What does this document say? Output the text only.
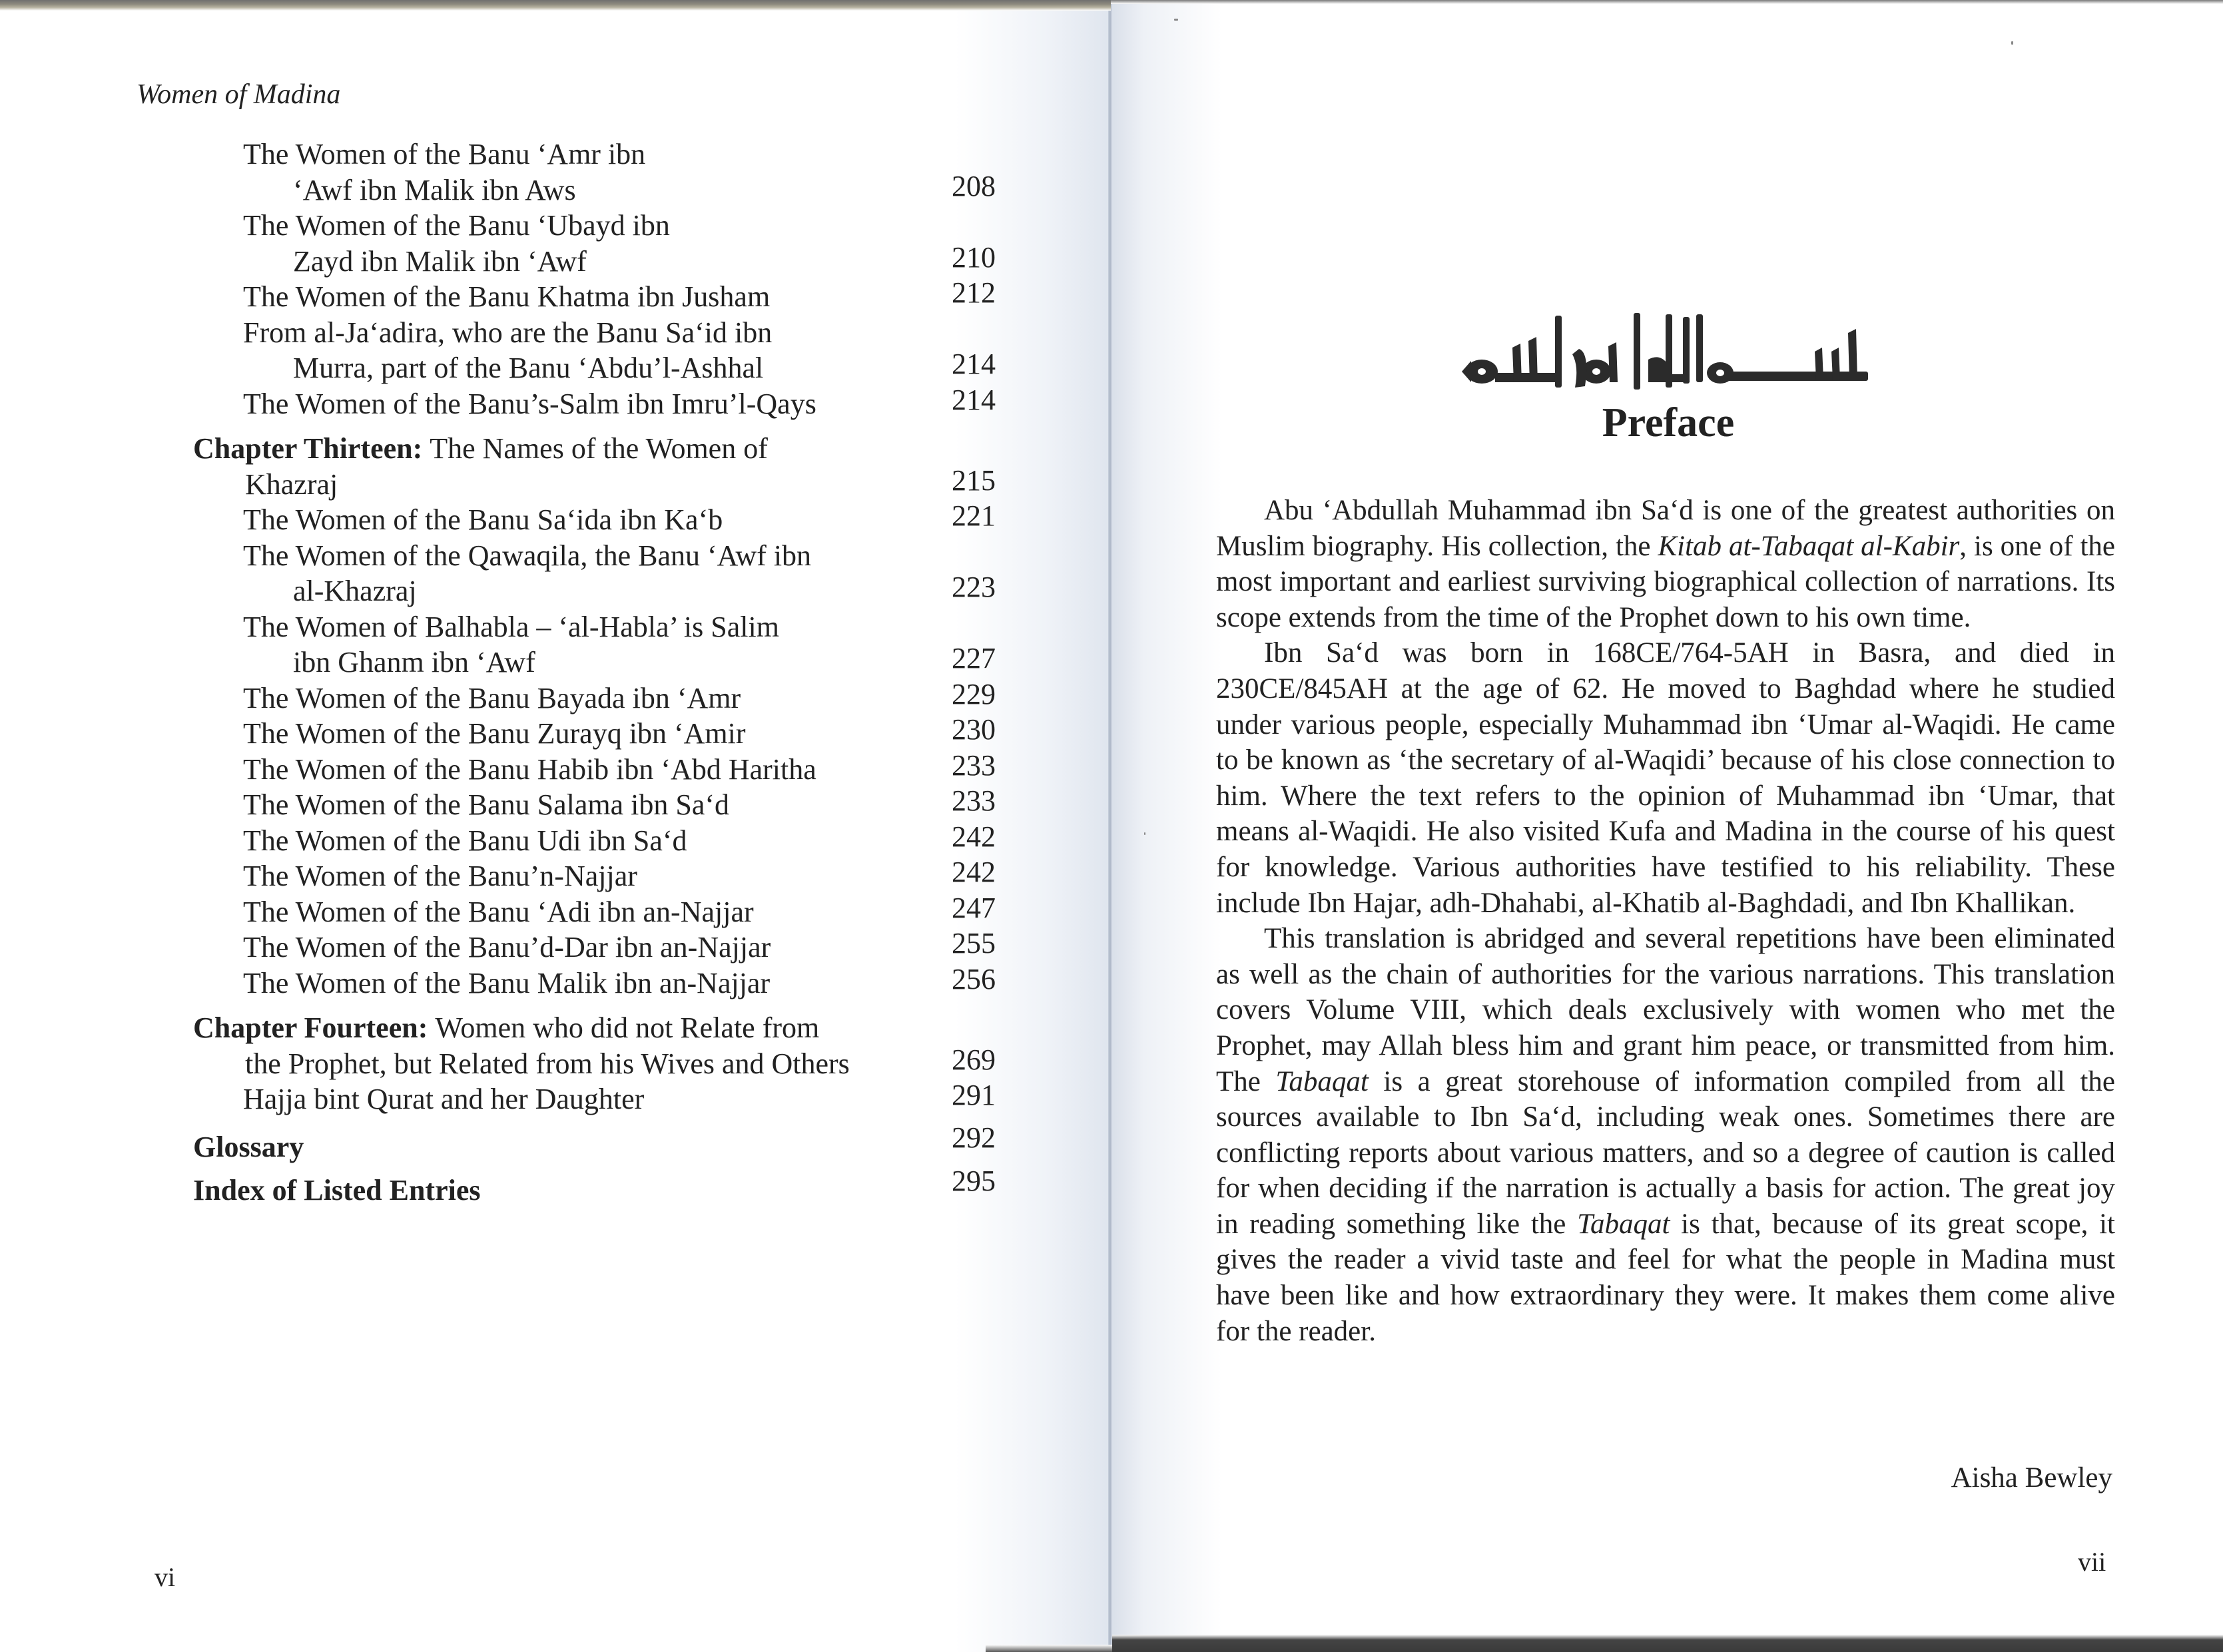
Women of Madina
The Women of the Banu ‘Amr ibn
‘Awf ibn Malik ibn Aws	208
The Women of the Banu ‘Ubayd ibn
Zayd ibn Malik ibn ‘Awf	210
The Women of the Banu Khatma ibn Jusham	212
From al-Ja‘adira, who are the Banu Sa‘id ibn
Murra, part of the Banu ‘Abdu’l-Ashhal	214
The Women of the Banu’s-Salm ibn Imru’l-Qays	214
Chapter Thirteen: The Names of the Women of
Khazraj	215
The Women of the Banu Sa‘ida ibn Ka‘b	221
The Women of the Qawaqila, the Banu ‘Awf ibn
al-Khazraj	223
The Women of Balhabla – ‘al-Habla’ is Salim
ibn Ghanm ibn ‘Awf	227
The Women of the Banu Bayada ibn ‘Amr	229
The Women of the Banu Zurayq ibn ‘Amir	230
The Women of the Banu Habib ibn ‘Abd Haritha	233
The Women of the Banu Salama ibn Sa‘d	233
The Women of the Banu Udi ibn Sa‘d	242
The Women of the Banu’n-Najjar	242
The Women of the Banu ‘Adi ibn an-Najjar	247
The Women of the Banu’d-Dar ibn an-Najjar	255
The Women of the Banu Malik ibn an-Najjar	256
Chapter Fourteen: Women who did not Relate from
the Prophet, but Related from his Wives and Others	269
Hajja bint Qurat and her Daughter	291
Glossary	292
Index of Listed Entries	295
vi
Preface

Abu ‘Abdullah Muhammad ibn Sa‘d is one of the greatest authorities on Muslim biography. His collection, the Kitab at-Tabaqat al-Kabir, is one of the most important and earliest surviving biographical collection of narrations. Its scope extends from the time of the Prophet down to his own time.

Ibn Sa‘d was born in 168CE/764-5AH in Basra, and died in 230CE/845AH at the age of 62. He moved to Baghdad where he studied under various people, especially Muhammad ibn ‘Umar al-Waqidi. He came to be known as ‘the secretary of al-Waqidi’ because of his close connection to him. Where the text refers to the opinion of Muhammad ibn ‘Umar, that means al-Waqidi. He also visited Kufa and Madina in the course of his quest for knowledge. Various authorities have testified to his reliability. These include Ibn Hajar, adh-Dhahabi, al-Khatib al-Baghdadi, and Ibn Khallikan.

This translation is abridged and several repetitions have been eliminated as well as the chain of authorities for the various narrations. This translation covers Volume VIII, which deals exclusively with women who met the Prophet, may Allah bless him and grant him peace, or transmitted from him. The Tabaqat is a great storehouse of information compiled from all the sources available to Ibn Sa‘d, including weak ones. Sometimes there are conflicting reports about various matters, and so a degree of caution is called for when deciding if the narration is actually a basis for action. The great joy in reading something like the Tabaqat is that, because of its great scope, it gives the reader a vivid taste and feel for what the people in Madina must have been like and how extraordinary they were. It makes them come alive for the reader.

Aisha Bewley
vii
